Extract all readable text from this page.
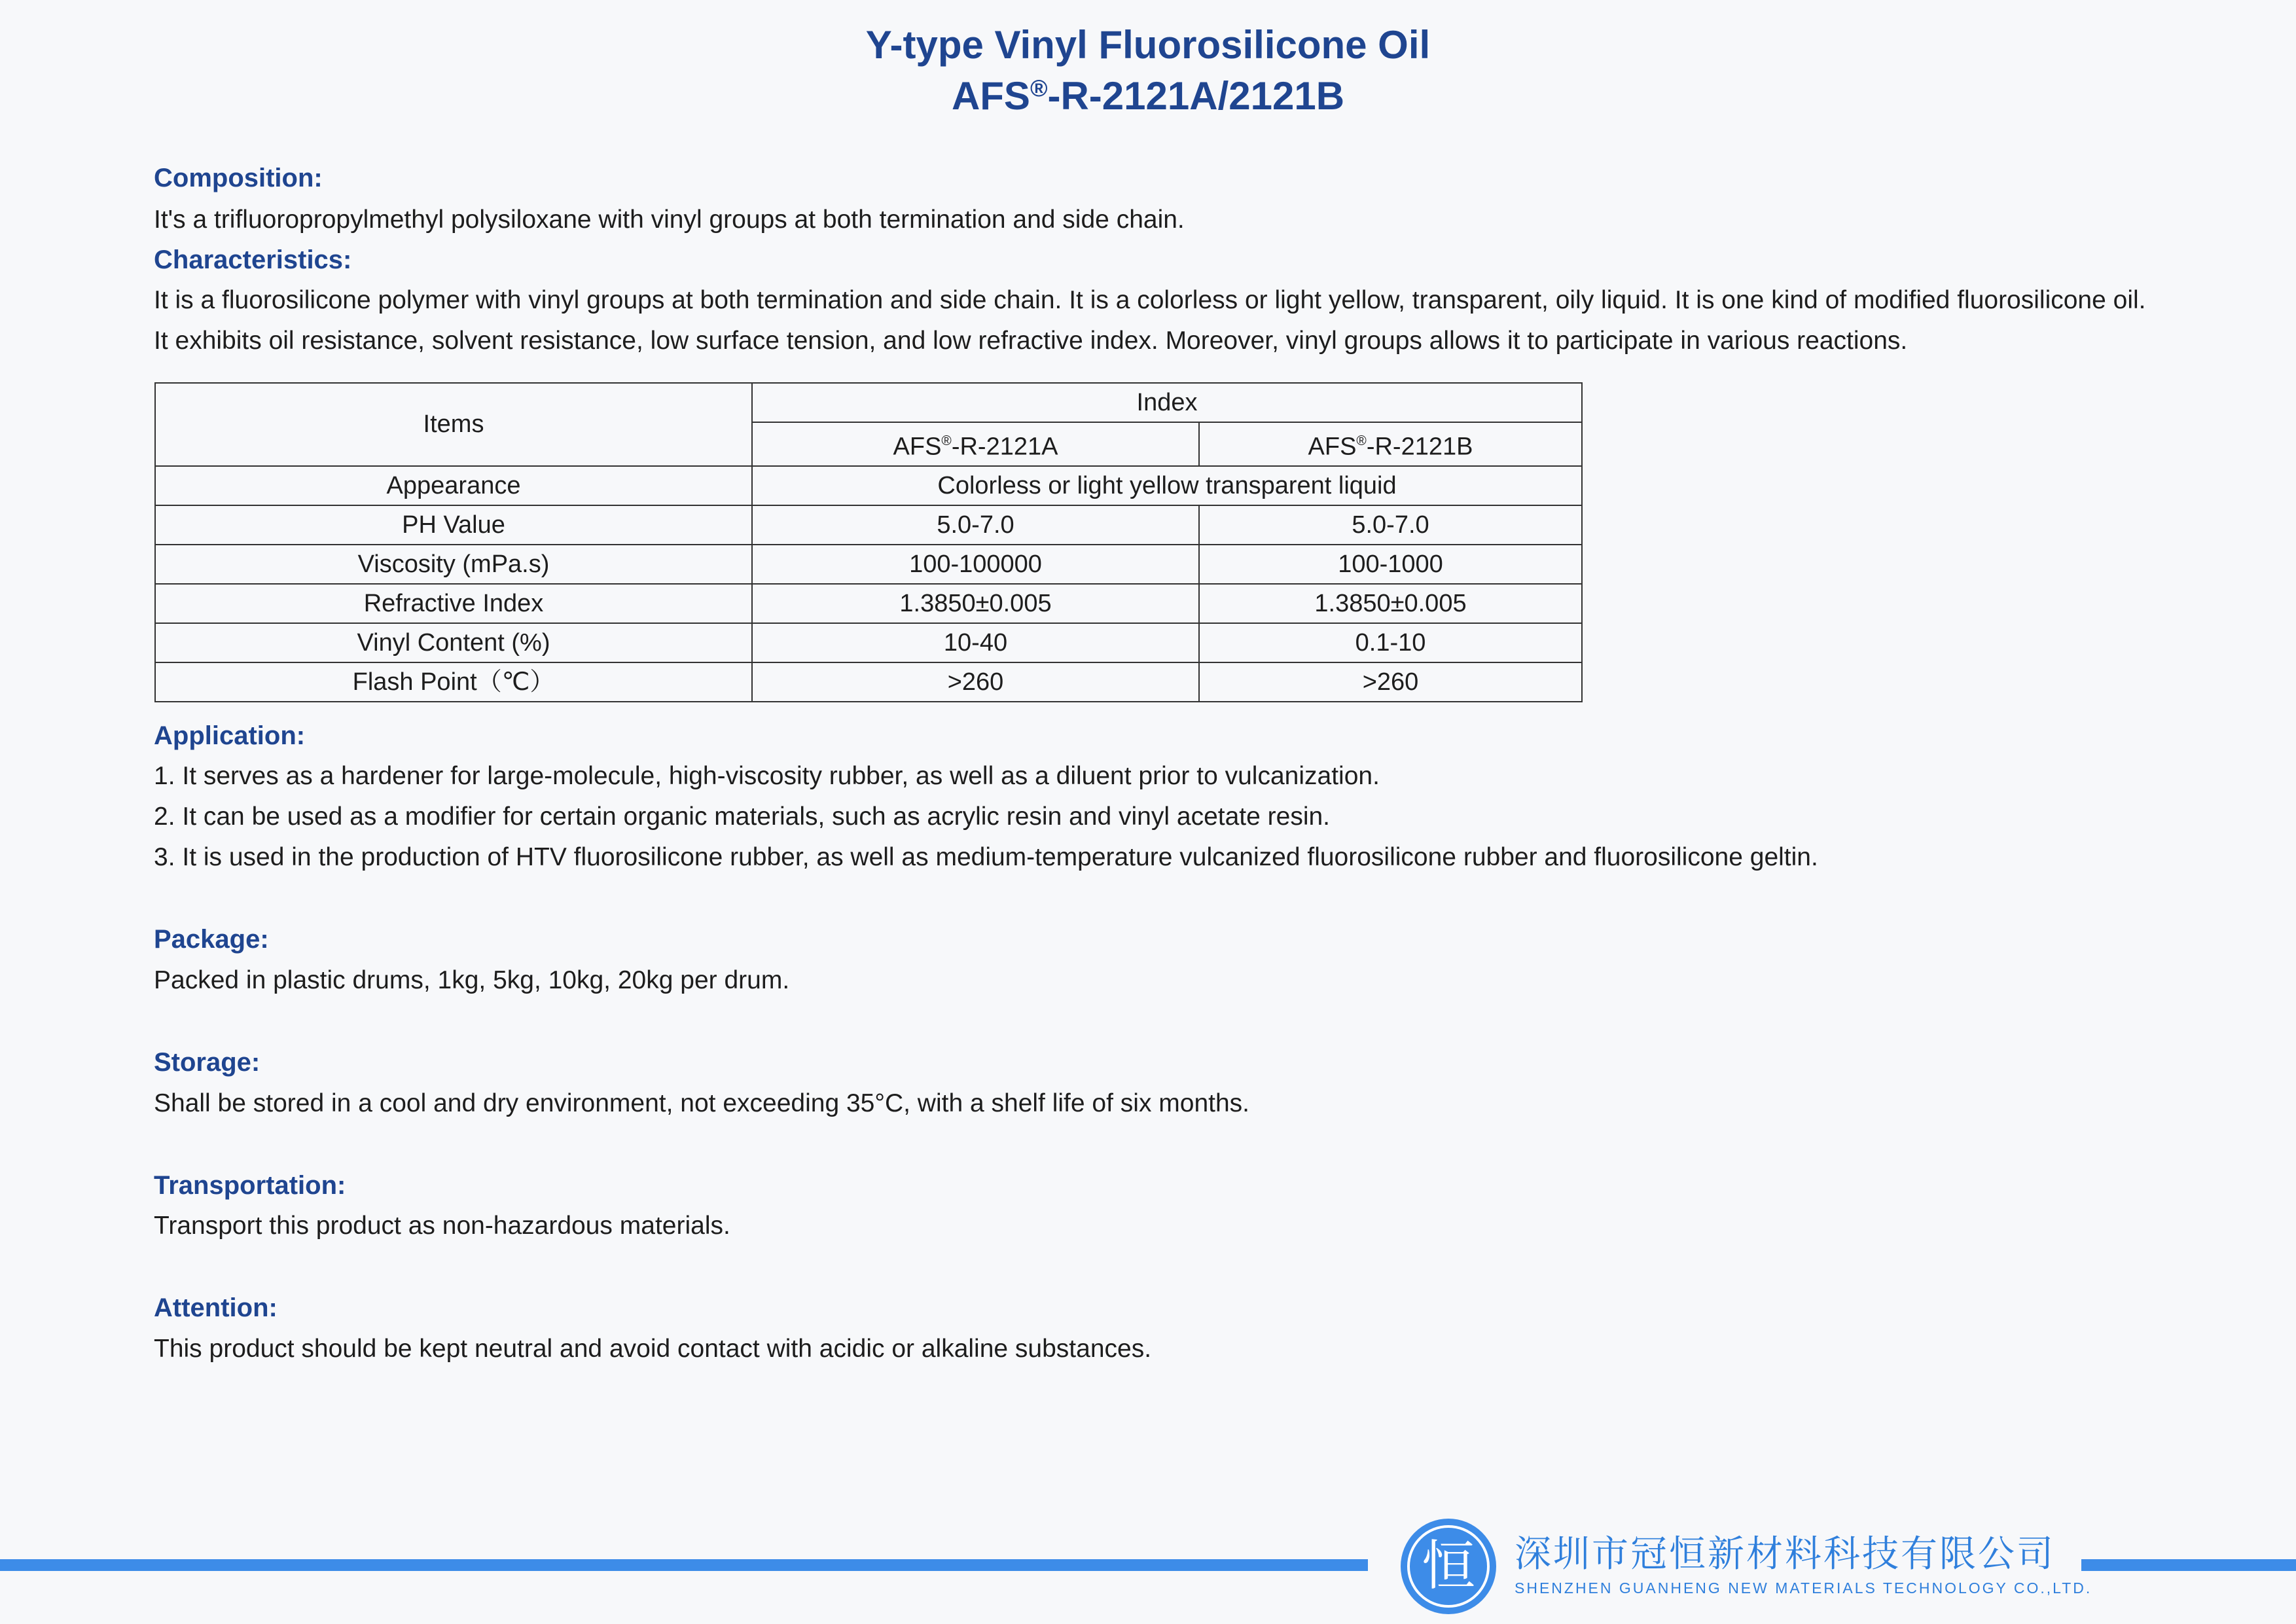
Y-type Vinyl Fluorosilicone Oil
AFS®-R-2121A/2121B
Composition:
It's a trifluoropropylmethyl polysiloxane with vinyl groups at both termination and side chain.
Characteristics:
It is a fluorosilicone polymer with vinyl groups at both termination and side chain. It is a colorless or light yellow, transparent, oily liquid. It is one kind of modified fluorosilicone oil. It exhibits oil resistance, solvent resistance, low surface tension, and low refractive index. Moreover, vinyl groups allows it to participate in various reactions.
Items	Index	
	AFS®-R-2121A	AFS®-R-2121B
Appearance	Colorless or light yellow transparent liquid	
PH Value	5.0-7.0	5.0-7.0
Viscosity (mPa.s)	100-100000	100-1000
Refractive Index	1.3850±0.005	1.3850±0.005
Vinyl Content (%)	10-40	0.1-10
Flash Point（℃）	>260	>260
Application:
1. It serves as a hardener for large-molecule, high-viscosity rubber, as well as a diluent prior to vulcanization.
2. It can be used as a modifier for certain organic materials, such as acrylic resin and vinyl acetate resin.
3. It is used in the production of HTV fluorosilicone rubber, as well as medium-temperature vulcanized fluorosilicone rubber and fluorosilicone geltin.
Package:
Packed in plastic drums, 1kg, 5kg, 10kg, 20kg per drum.
Storage:
Shall be stored in a cool and dry environment, not exceeding 35°C, with a shelf life of six months.
Transportation:
Transport this product as non-hazardous materials.
Attention:
This product should be kept neutral and avoid contact with acidic or alkaline substances.
恒	深圳市冠恒新材料科技有限公司
SHENZHEN GUANHENG NEW MATERIALS TECHNOLOGY CO.,LTD.
